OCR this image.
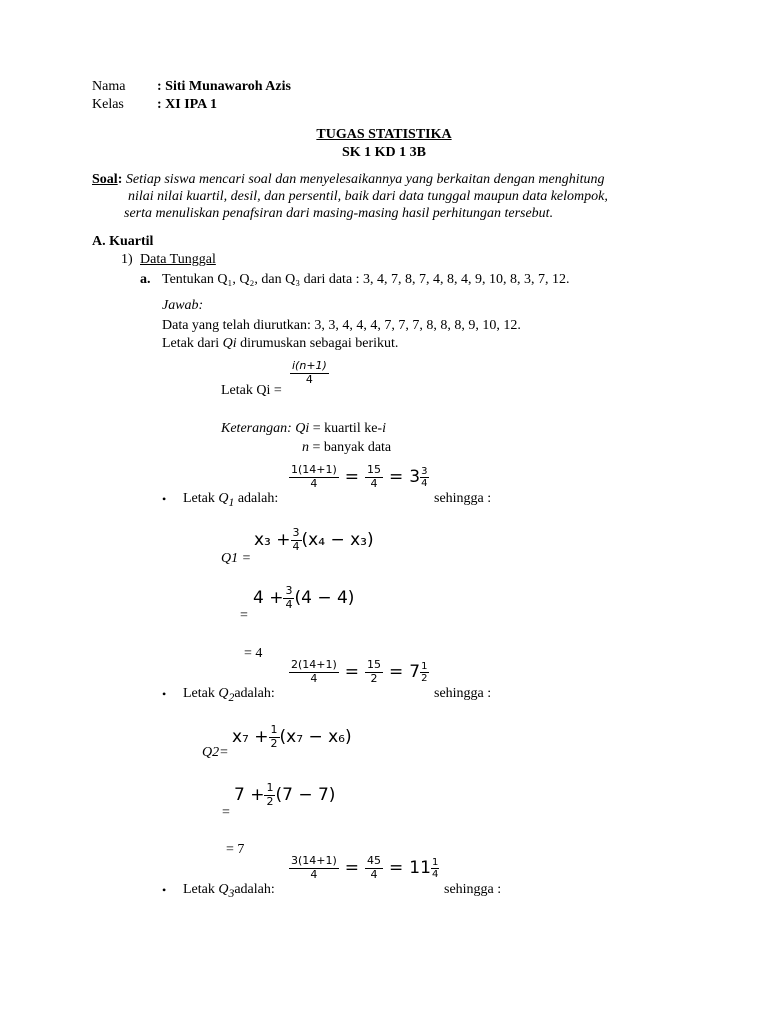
Nama : Siti Munawaroh Azis
Kelas : XI IPA 1
TUGAS STATISTIKA
SK 1 KD 1 3B
Soal: Setiap siswa mencari soal dan menyelesaikannya yang berkaitan dengan menghitung
nilai nilai kuartil, desil, dan persentil, baik dari data tunggal maupun data kelompok,
serta menuliskan penafsiran dari masing-masing hasil perhitungan tersebut.
A. Kuartil
1) Data Tunggal
a. Tentukan Q₁, Q₂, dan Q₃ dari data : 3, 4, 7, 8, 7, 4, 8, 4, 9, 10, 8, 3, 7, 12.
Jawab:
Data yang telah diurutkan: 3, 3, 4, 4, 4, 7, 7, 7, 8, 8, 8, 9, 10, 12.
Letak dari Qi dirumuskan sebagai berikut.
Letak Qi =
$\frac{i(n+1)}{4}$
Keterangan: Qi = kuartil ke-i
n = banyak data
• Letak $Q_1$ adalah:
$\frac{1(14+1)}{4} = \frac{15}{4} = 3 \frac{3}{4}$
sehingga :
Q1 =
$x_3 + \frac{3}{4} (x_4 - x_3)$
=
$4 + \frac{3}{4} (4 - 4)$
= 4
• Letak $Q_2adalah$:
$\frac{2(14+1)}{4} = \frac{15}{2} = 7 \frac{1}{2}$
sehingga :
Q2=
$x_7 + \frac{1}{2} (x_7 - x_6)$
=
$7 + \frac{1}{2} (7 - 7)$
= 7
• Letak $Q_3adalah$:
$\frac{3(14+1)}{4} = \frac{45}{4} = 11 \frac{1}{4}$
sehingga :
